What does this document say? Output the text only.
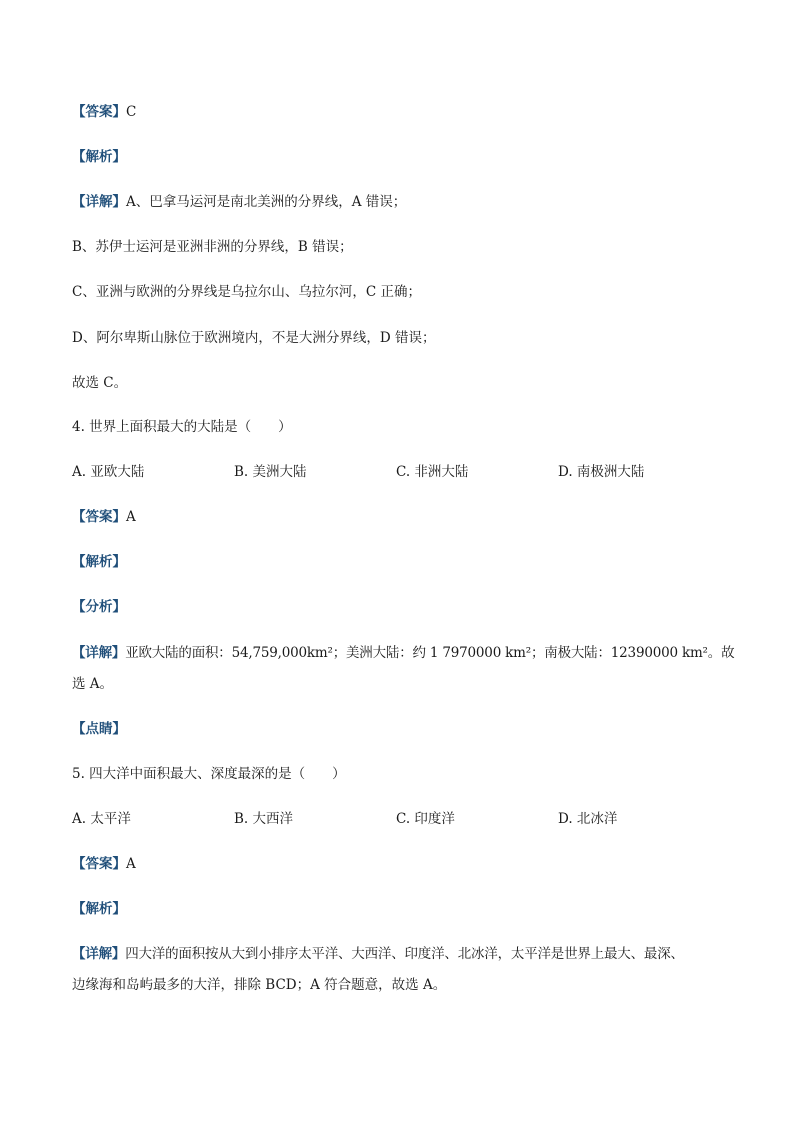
【答案】C
【解析】
【详解】A、巴拿马运河是南北美洲的分界线，A 错误；
B、苏伊士运河是亚洲非洲的分界线，B 错误；
C、亚洲与欧洲的分界线是乌拉尔山、乌拉尔河，C 正确；
D、阿尔卑斯山脉位于欧洲境内，不是大洲分界线，D 错误；
故选 C。
4. 世界上面积最大的大陆是（　　）
A. 亚欧大陆	B. 美洲大陆	C. 非洲大陆	D. 南极洲大陆
【答案】A
【解析】
【分析】
【详解】亚欧大陆的面积：54,759,000km²；美洲大陆：约 1 7970000 km²；南极大陆：12390000 km²。故
选 A。
【点睛】
5. 四大洋中面积最大、深度最深的是（　　）
A. 太平洋	B. 大西洋	C. 印度洋	D. 北冰洋
【答案】A
【解析】
【详解】四大洋的面积按从大到小排序太平洋、大西洋、印度洋、北冰洋，太平洋是世界上最大、最深、
边缘海和岛屿最多的大洋，排除 BCD；A 符合题意，故选 A。
